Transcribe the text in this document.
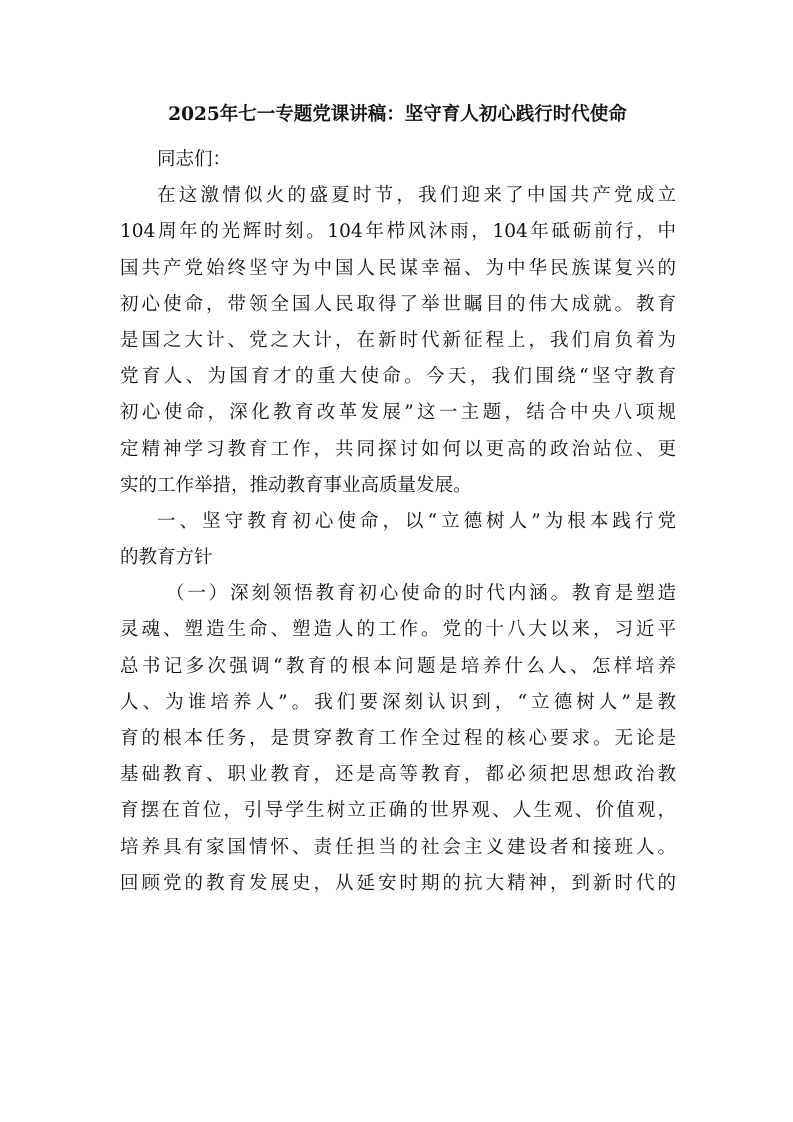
2025年七一专题党课讲稿：坚守育人初心践行时代使命
同志们：
在这激情似火的盛夏时节，我们迎来了中国共产党成立
104周年的光辉时刻。104年栉风沐雨，104年砥砺前行，中
国共产党始终坚守为中国人民谋幸福、为中华民族谋复兴的
初心使命，带领全国人民取得了举世瞩目的伟大成就。教育
是国之大计、党之大计，在新时代新征程上，我们肩负着为
党育人、为国育才的重大使命。今天，我们围绕“坚守教育
初心使命，深化教育改革发展”这一主题，结合中央八项规
定精神学习教育工作，共同探讨如何以更高的政治站位、更
实的工作举措，推动教育事业高质量发展。
一、坚守教育初心使命，以“立德树人”为根本践行党
的教育方针
（一）深刻领悟教育初心使命的时代内涵。教育是塑造
灵魂、塑造生命、塑造人的工作。党的十八大以来，习近平
总书记多次强调“教育的根本问题是培养什么人、怎样培养
人、为谁培养人”。我们要深刻认识到，“立德树人”是教
育的根本任务，是贯穿教育工作全过程的核心要求。无论是
基础教育、职业教育，还是高等教育，都必须把思想政治教
育摆在首位，引导学生树立正确的世界观、人生观、价值观，
培养具有家国情怀、责任担当的社会主义建设者和接班人。
回顾党的教育发展史，从延安时期的抗大精神，到新时代的
